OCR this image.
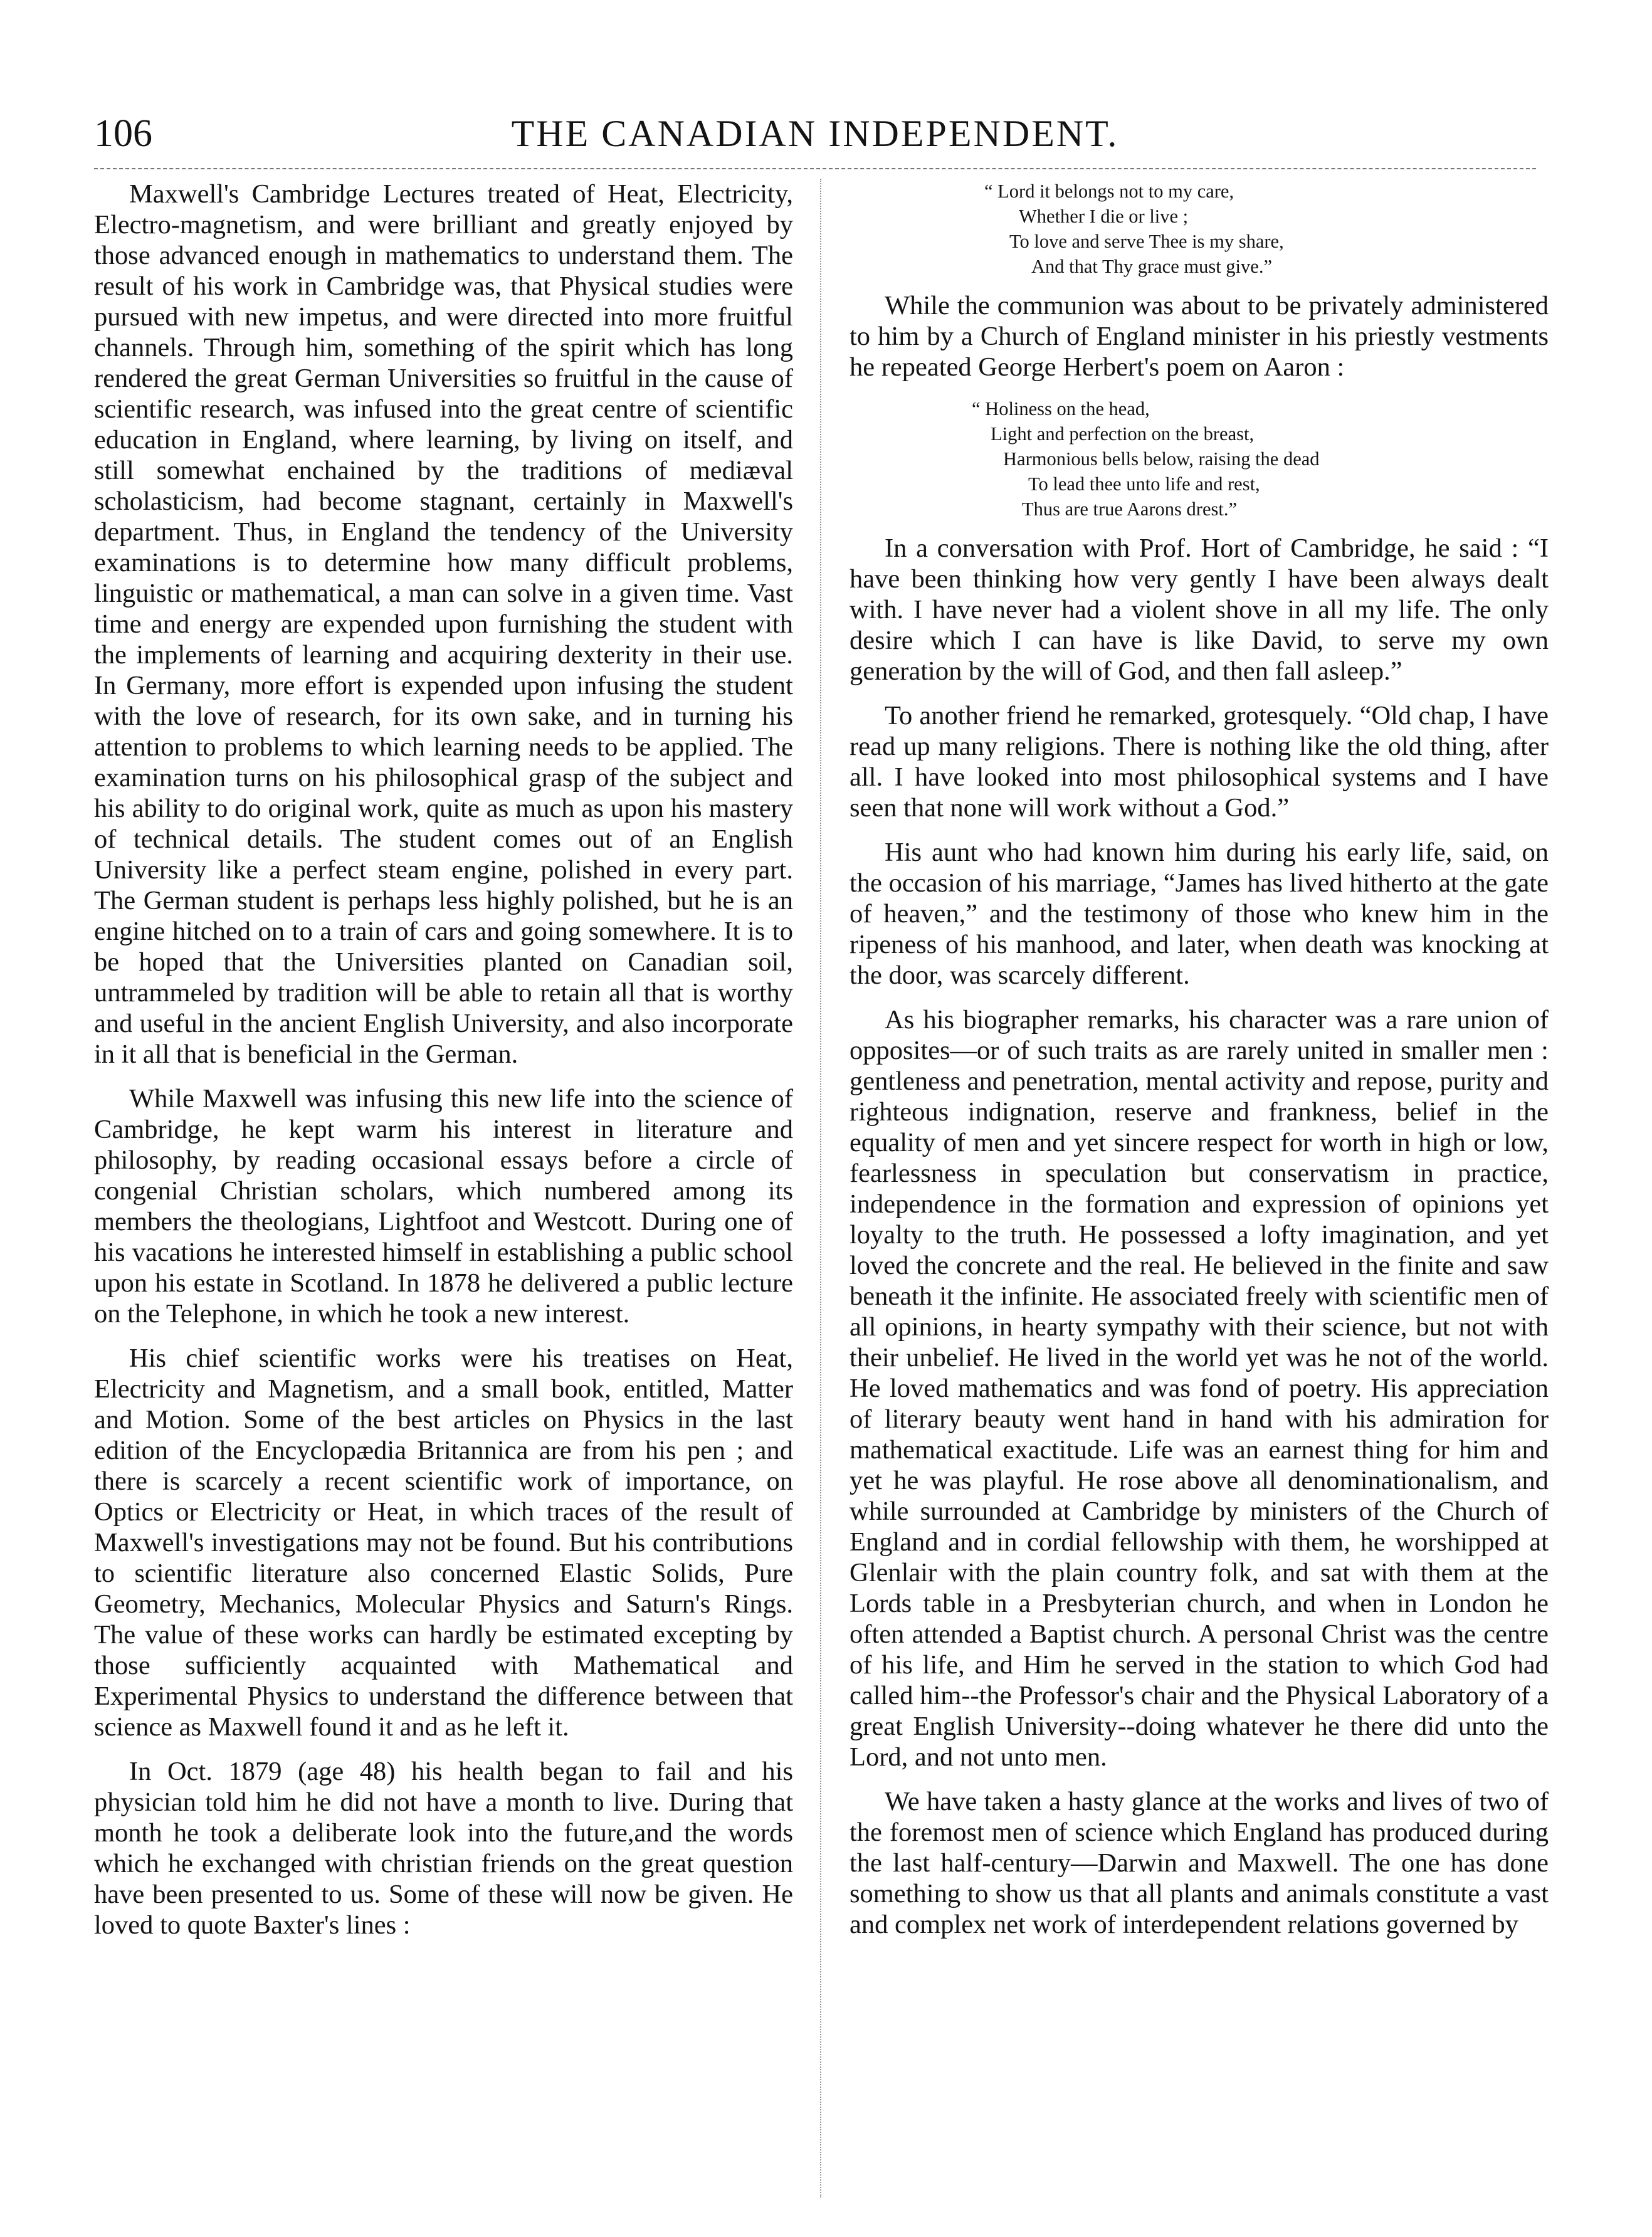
106	THE CANADIAN INDEPENDENT.

Maxwell's Cambridge Lectures treated of Heat, Electricity, Electro-magnetism, and were brilliant and greatly enjoyed by those advanced enough in mathematics to understand them. The result of his work in Cambridge was, that Physical studies were pursued with new impetus, and were directed into more fruitful channels. Through him, something of the spirit which has long rendered the great German Universities so fruitful in the cause of scientific research, was infused into the great centre of scientific education in England, where learning, by living on itself, and still somewhat enchained by the traditions of mediæval scholasticism, had become stagnant, certainly in Maxwell's department. Thus, in England the tendency of the University examinations is to determine how many difficult problems, linguistic or mathematical, a man can solve in a given time. Vast time and energy are expended upon furnishing the student with the implements of learning and acquiring dexterity in their use. In Germany, more effort is expended upon infusing the student with the love of research, for its own sake, and in turning his attention to problems to which learning needs to be applied. The examination turns on his philosophical grasp of the subject and his ability to do original work, quite as much as upon his mastery of technical details. The student comes out of an English University like a perfect steam engine, polished in every part. The German student is perhaps less highly polished, but he is an engine hitched on to a train of cars and going somewhere. It is to be hoped that the Universities planted on Canadian soil, untrammeled by tradition will be able to retain all that is worthy and useful in the ancient English University, and also incorporate in it all that is beneficial in the German.

While Maxwell was infusing this new life into the science of Cambridge, he kept warm his interest in literature and philosophy, by reading occasional essays before a circle of congenial Christian scholars, which numbered among its members the theologians, Lightfoot and Westcott. During one of his vacations he interested himself in establishing a public school upon his estate in Scotland. In 1878 he delivered a public lecture on the Telephone, in which he took a new interest.

His chief scientific works were his treatises on Heat, Electricity and Magnetism, and a small book, entitled, Matter and Motion. Some of the best articles on Physics in the last edition of the Encyclopædia Britannica are from his pen ; and there is scarcely a recent scientific work of importance, on Optics or Electricity or Heat, in which traces of the result of Maxwell's investigations may not be found. But his contributions to scientific literature also concerned Elastic Solids, Pure Geometry, Mechanics, Molecular Physics and Saturn's Rings. The value of these works can hardly be estimated excepting by those sufficiently acquainted with Mathematical and Experimental Physics to understand the difference between that science as Maxwell found it and as he left it.

In Oct. 1879 (age 48) his health began to fail and his physician told him he did not have a month to live. During that month he took a deliberate look into the future,and the words which he exchanged with christian friends on the great question have been presented to us. Some of these will now be given. He loved to quote Baxter's lines :

“ Lord it belongs not to my care,
Whether I die or live ;
To love and serve Thee is my share,
And that Thy grace must give.”

While the communion was about to be privately administered to him by a Church of England minister in his priestly vestments he repeated George Herbert's poem on Aaron :

“ Holiness on the head,
Light and perfection on the breast,
Harmonious bells below, raising the dead
To lead thee unto life and rest,
Thus are true Aarons drest.”

In a conversation with Prof. Hort of Cambridge, he said : “I have been thinking how very gently I have been always dealt with. I have never had a violent shove in all my life. The only desire which I can have is like David, to serve my own generation by the will of God, and then fall asleep.”

To another friend he remarked, grotesquely. “Old chap, I have read up many religions. There is nothing like the old thing, after all. I have looked into most philosophical systems and I have seen that none will work without a God.”

His aunt who had known him during his early life, said, on the occasion of his marriage, “James has lived hitherto at the gate of heaven,” and the testimony of those who knew him in the ripeness of his manhood, and later, when death was knocking at the door, was scarcely different.

As his biographer remarks, his character was a rare union of opposites—or of such traits as are rarely united in smaller men : gentleness and penetration, mental activity and repose, purity and righteous indignation, reserve and frankness, belief in the equality of men and yet sincere respect for worth in high or low, fearlessness in speculation but conservatism in practice, independence in the formation and expression of opinions yet loyalty to the truth. He possessed a lofty imagination, and yet loved the concrete and the real. He believed in the finite and saw beneath it the infinite. He associated freely with scientific men of all opinions, in hearty sympathy with their science, but not with their unbelief. He lived in the world yet was he not of the world. He loved mathematics and was fond of poetry. His appreciation of literary beauty went hand in hand with his admiration for mathematical exactitude. Life was an earnest thing for him and yet he was playful. He rose above all denominationalism, and while surrounded at Cambridge by ministers of the Church of England and in cordial fellowship with them, he worshipped at Glenlair with the plain country folk, and sat with them at the Lords table in a Presbyterian church, and when in London he often attended a Baptist church. A personal Christ was the centre of his life, and Him he served in the station to which God had called him--the Professor's chair and the Physical Laboratory of a great English University--doing whatever he there did unto the Lord, and not unto men.

We have taken a hasty glance at the works and lives of two of the foremost men of science which England has produced during the last half-century—Darwin and Maxwell. The one has done something to show us that all plants and animals constitute a vast and complex net work of interdependent relations governed by
